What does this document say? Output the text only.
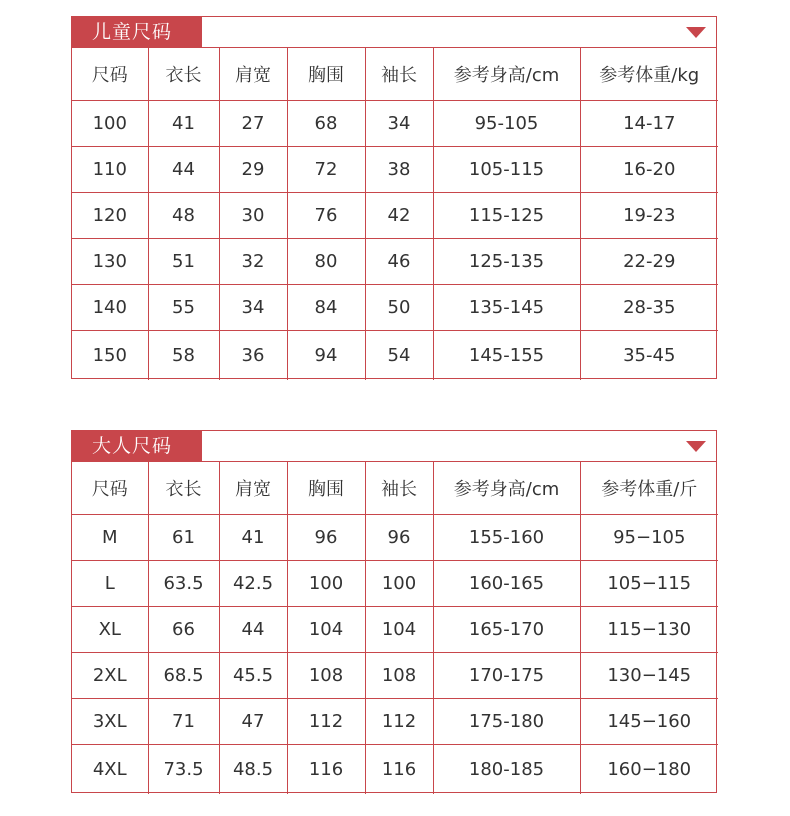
儿童尺码
尺码	衣长	肩宽	胸围	袖长	参考身高/cm	参考体重/kg
100	41	27	68	34	95-105	14-17
110	44	29	72	38	105-115	16-20
120	48	30	76	42	115-125	19-23
130	51	32	80	46	125-135	22-29
140	55	34	84	50	135-145	28-35
150	58	36	94	54	145-155	35-45
大人尺码
尺码	衣长	肩宽	胸围	袖长	参考身高/cm	参考体重/斤
M	61	41	96	96	155-160	95−105
L	63.5	42.5	100	100	160-165	105−115
XL	66	44	104	104	165-170	115−130
2XL	68.5	45.5	108	108	170-175	130−145
3XL	71	47	112	112	175-180	145−160
4XL	73.5	48.5	116	116	180-185	160−180
